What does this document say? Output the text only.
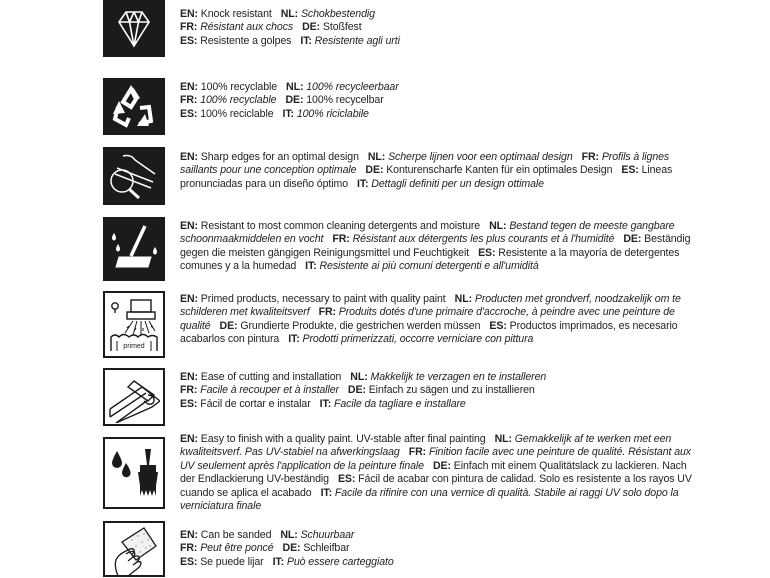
EN: Knock resistant NL: Schokbestendig
FR: Résistant aux chocs DE: Stoßfest
ES: Resistente a golpes IT: Resistente agli urti
EN: 100% recyclable NL: 100% recycleerbaar
FR: 100% recyclable DE: 100% recycelbar
ES: 100% reciclable IT: 100% riciclabile
EN: Sharp edges for an optimal design NL: Scherpe lijnen voor een optimaal design FR: Profils à lignes saillants pour une conception optimale DE: Konturenscharfe Kanten für ein optimales Design ES: Lineas pronunciadas para un diseño óptimo IT: Dettagli definiti per un design ottimale
EN: Resistant to most common cleaning detergents and moisture NL: Bestand tegen de meeste gangbare schoonmaakmiddelen en vocht FR: Résistant aux détergents les plus courants et à l'humidité DE: Beständig gegen die meisten gängigen Reinigungsmittel und Feuchtigkeit ES: Resistente a la mayoría de detergentes comunes y a la humedad IT: Resistente ai più comuni detergenti e all'umidità
primed
EN: Primed products, necessary to paint with quality paint NL: Producten met grondverf, noodzakelijk om te schilderen met kwaliteitsverf FR: Produits dotés d'une primaire d'accroche, à peindre avec une peinture de qualité DE: Grundierte Produkte, die gestrichen werden müssen ES: Productos imprimados, es necesario acabarlos con pintura IT: Prodotti primerizzati, occorre verniciare con pittura
EN: Ease of cutting and installation NL: Makkelijk te verzagen en te installeren
FR: Facile à recouper et à installer DE: Einfach zu sägen und zu installieren
ES: Fácil de cortar e instalar IT: Facile da tagliare e installare
EN: Easy to finish with a quality paint. UV-stable after final painting NL: Gemakkelijk af te werken met een kwaliteitsverf. Pas UV-stabiel na afwerkingslaag FR: Finition facile avec une peinture de qualité. Résistant aux UV seulement après l'application de la peinture finale DE: Einfach mit einem Qualitätslack zu lackieren. Nach der Endlackierung UV-beständig ES: Fácil de acabar con pintura de calidad. Solo es resistente a los rayos UV cuando se aplica el acabado IT: Facile da rifinire con una vernice di qualità. Stabile ai raggi UV solo dopo la verniciatura finale
EN: Can be sanded NL: Schuurbaar
FR: Peut être poncé DE: Schleifbar
ES: Se puede lijar IT: Può essere carteggiato
